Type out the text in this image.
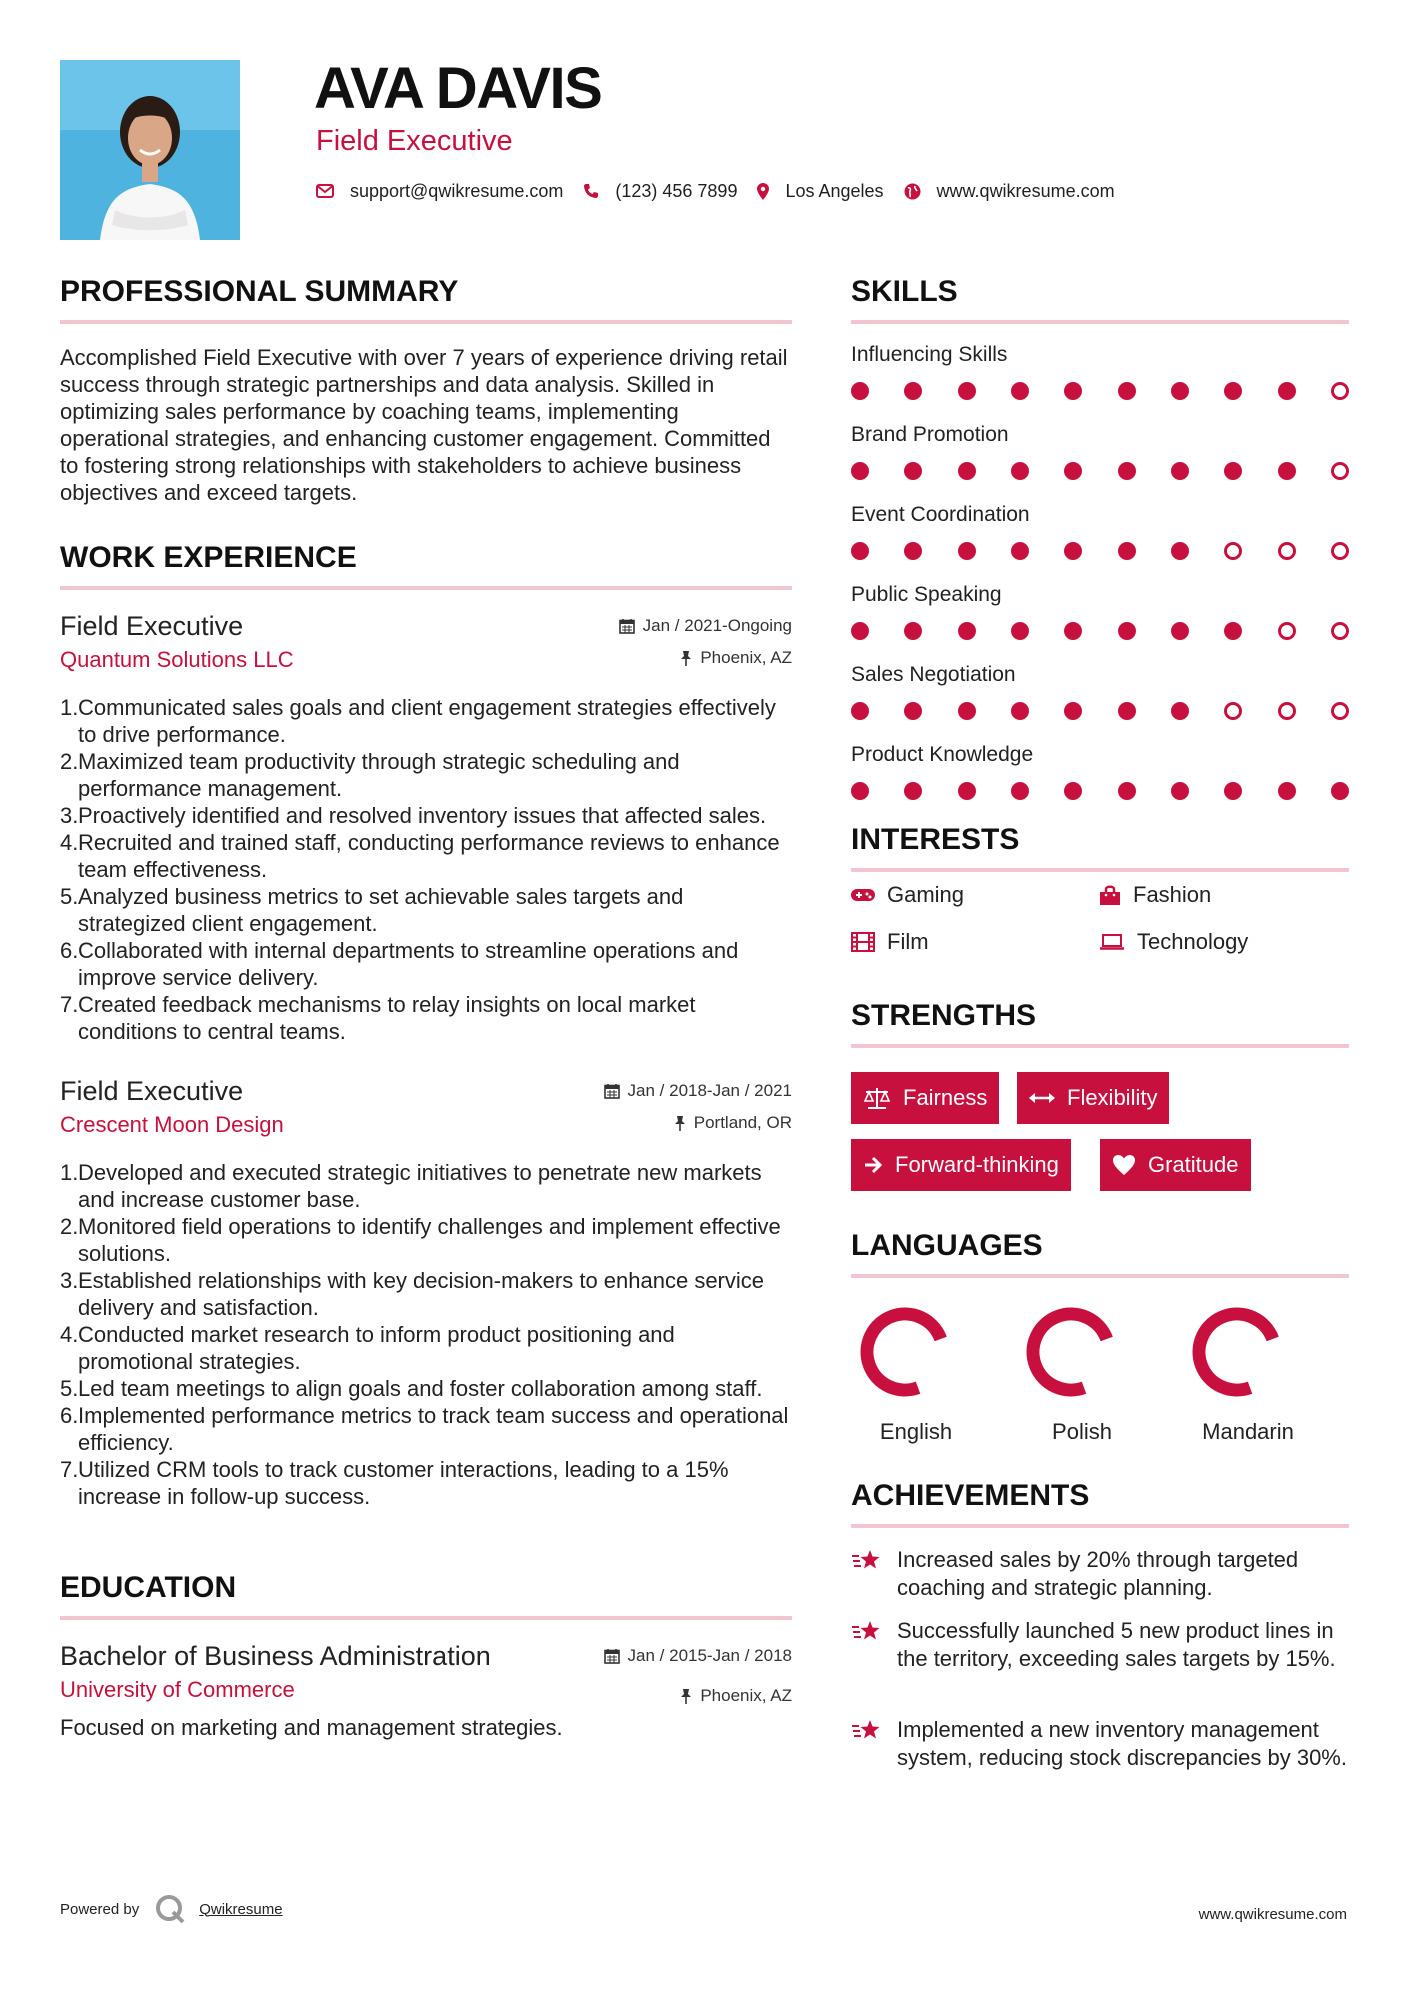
AVA DAVIS
Field Executive
support@qwikresume.com	(123) 456 7899	Los Angeles	www.qwikresume.com
PROFESSIONAL SUMMARY
Accomplished Field Executive with over 7 years of experience driving retail success through strategic partnerships and data analysis. Skilled in optimizing sales performance by coaching teams, implementing operational strategies, and enhancing customer engagement. Committed to fostering strong relationships with stakeholders to achieve business objectives and exceed targets.
WORK EXPERIENCE
Field Executive
Quantum Solutions LLC
Jan / 2021-Ongoing
Phoenix, AZ
1. Communicated sales goals and client engagement strategies effectively to drive performance.
2. Maximized team productivity through strategic scheduling and performance management.
3. Proactively identified and resolved inventory issues that affected sales.
4. Recruited and trained staff, conducting performance reviews to enhance team effectiveness.
5. Analyzed business metrics to set achievable sales targets and strategized client engagement.
6. Collaborated with internal departments to streamline operations and improve service delivery.
7. Created feedback mechanisms to relay insights on local market conditions to central teams.
Field Executive
Crescent Moon Design
Jan / 2018-Jan / 2021
Portland, OR
1. Developed and executed strategic initiatives to penetrate new markets and increase customer base.
2. Monitored field operations to identify challenges and implement effective solutions.
3. Established relationships with key decision-makers to enhance service delivery and satisfaction.
4. Conducted market research to inform product positioning and promotional strategies.
5. Led team meetings to align goals and foster collaboration among staff.
6. Implemented performance metrics to track team success and operational efficiency.
7. Utilized CRM tools to track customer interactions, leading to a 15% increase in follow-up success.
EDUCATION
Bachelor of Business Administration
University of Commerce
Jan / 2015-Jan / 2018
Phoenix, AZ
Focused on marketing and management strategies.
SKILLS
Influencing Skills
Brand Promotion
Event Coordination
Public Speaking
Sales Negotiation
Product Knowledge
INTERESTS
Gaming	Fashion
Film	Technology
STRENGTHS
Fairness	Flexibility
Forward-thinking	Gratitude
LANGUAGES
English	Polish	Mandarin
ACHIEVEMENTS
Increased sales by 20% through targeted coaching and strategic planning.
Successfully launched 5 new product lines in the territory, exceeding sales targets by 15%.
Implemented a new inventory management system, reducing stock discrepancies by 30%.
Powered by	Qwikresume	www.qwikresume.com
